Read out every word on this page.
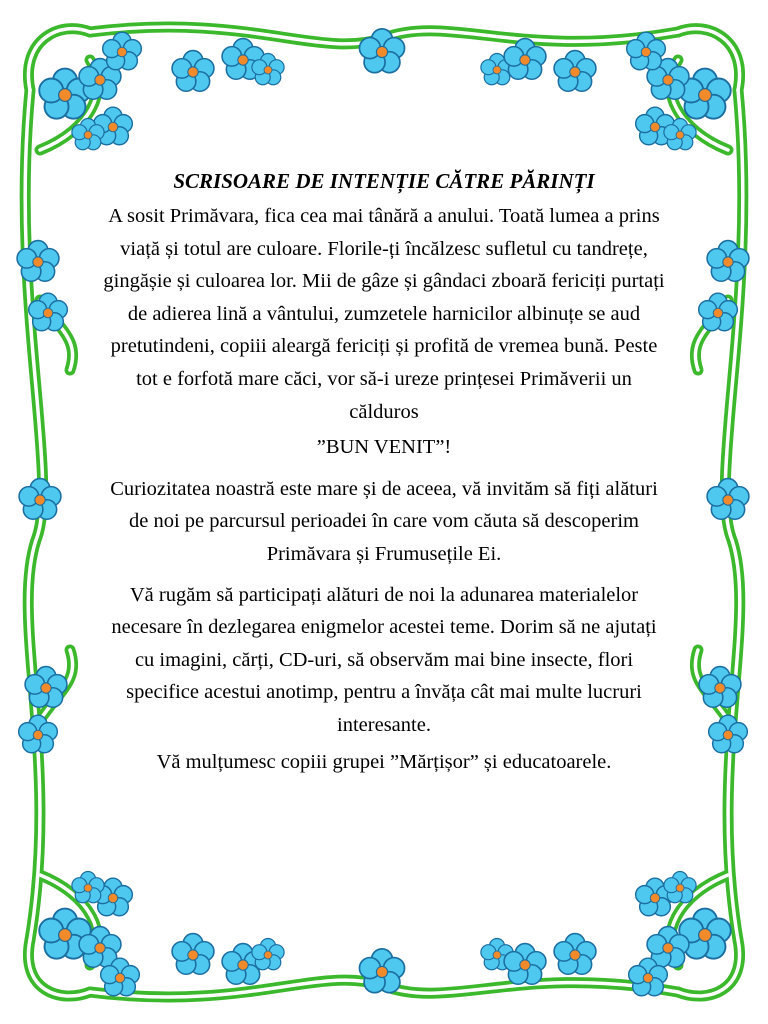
SCRISOARE DE INTENȚIE CĂTRE PĂRINȚI

A sosit Primăvara, fica cea mai tânără a anului. Toată lumea a prins viață și totul are culoare. Florile-ți încălzesc sufletul cu tandrețe, gingășie și culoarea lor. Mii de gâze și gândaci zboară fericiți purtați de adierea lină a vântului, zumzetele harnicilor albinuțe se aud pretutindeni, copiii aleargă fericiți și profită de vremea bună. Peste tot e forfotă mare căci, vor să-i ureze prințesei Primăverii un călduros

”BUN VENIT”!

Curiozitatea noastră este mare și de aceea, vă invităm să fiți alături de noi pe parcursul perioadei în care vom căuta să descoperim Primăvara și Frumusețile Ei.

Vă rugăm să participați alături de noi la adunarea materialelor necesare în dezlegarea enigmelor acestei teme. Dorim să ne ajutați cu imagini, cărți, CD-uri, să observăm mai bine insecte, flori specifice acestui anotimp, pentru a învăța cât mai multe lucruri interesante.

Vă mulțumesc copiii grupei ”Mărțișor” și educatoarele.
